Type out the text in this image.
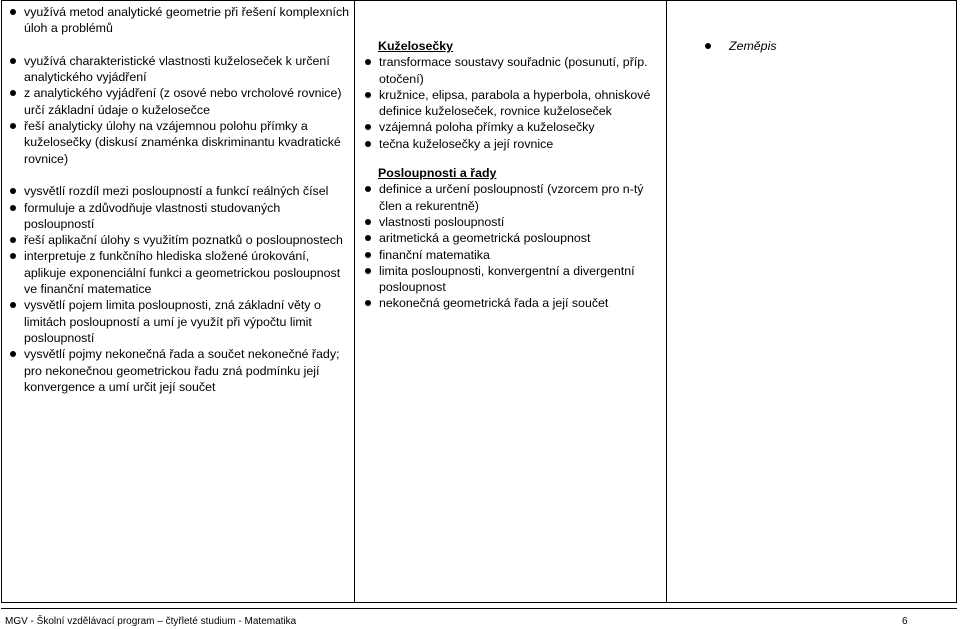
využívá metod analytické geometrie při řešení komplexních úloh a problémů
využívá charakteristické vlastnosti kuželoseček k určení analytického vyjádření
z analytického vyjádření (z osové nebo vrcholové rovnice) určí základní údaje o kuželosečce
řeší analyticky úlohy na vzájemnou polohu přímky a kuželosečky (diskusí znaménka diskriminantu kvadratické rovnice)
vysvětlí rozdíl mezi posloupností a funkcí reálných čísel
formuluje a zdůvodňuje vlastnosti studovaných posloupností
řeší aplikační úlohy s využitím poznatků o posloupnostech
interpretuje z funkčního hlediska složené úrokování, aplikuje exponenciální funkci a geometrickou posloupnost ve finanční matematice
vysvětlí pojem limita posloupnosti, zná základní věty o limitách posloupností a umí je využít při výpočtu limit posloupností
vysvětlí pojmy nekonečná řada a součet nekonečné řady; pro nekonečnou geometrickou řadu zná podmínku její konvergence a umí určit její součet
Kuželosečky
transformace soustavy souřadnic (posunutí, příp. otočení)
kružnice, elipsa, parabola a hyperbola, ohniskové definice kuželoseček, rovnice kuželoseček
vzájemná poloha přímky a kuželosečky
tečna kuželosečky a její rovnice
Posloupnosti a řady
definice a určení posloupností (vzorcem pro n-tý člen a rekurentně)
vlastnosti posloupností
aritmetická a geometrická posloupnost
finanční matematika
limita posloupnosti, konvergentní a divergentní posloupnost
nekonečná geometrická řada a její součet
Zeměpis
MGV - Školní vzdělávací program – čtyřleté studium - Matematika	6
